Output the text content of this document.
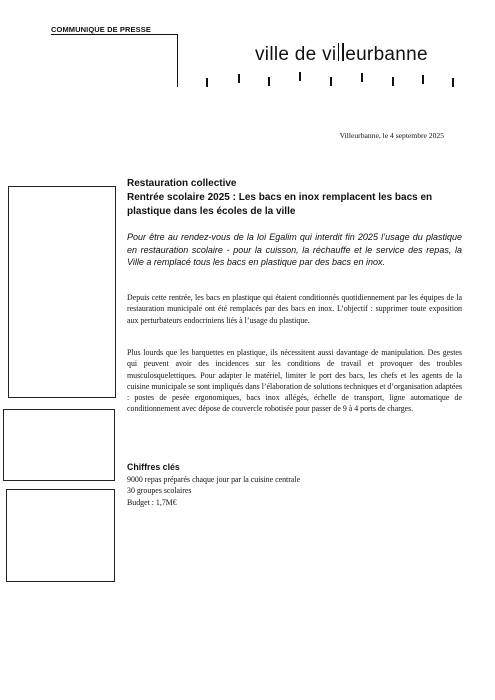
COMMUNIQUE DE PRESSE
ville de vi eurbanne
Villeurbanne, le 4 septembre 2025
Restauration collective
Rentrée scolaire 2025 : Les bacs en inox remplacent les bacs en plastique dans les écoles de la ville
Pour être au rendez-vous de la loi Egalim qui interdit fin 2025 l’usage du plastique en restauration scolaire - pour la cuisson, la réchauffe et le service des repas, la Ville a remplacé tous les bacs en plastique par des bacs en inox.
Depuis cette rentrée, les bacs en plastique qui étaient conditionnés quotidiennement par les équipes de la restauration municipale ont été remplacés par des bacs en inox. L’objectif : supprimer toute exposition aux perturbateurs endocriniens liés à l’usage du plastique.
Plus lourds que les barquettes en plastique, ils nécessitent aussi davantage de manipulation. Des gestes qui peuvent avoir des incidences sur les conditions de travail et provoquer des troubles musculosquelettiques. Pour adapter le matériel, limiter le port des bacs, les chefs et les agents de la cuisine municipale se sont impliqués dans l’élaboration de solutions techniques et d’organisation adaptées : postes de pesée ergonomiques, bacs inox allégés, échelle de transport, ligne automatique de conditionnement avec dépose de couvercle robotisée pour passer de 9 à 4 ports de charges.
Chiffres clés
9000 repas préparés chaque jour par la cuisine centrale
30 groupes scolaires
Budget : 1,7M€
